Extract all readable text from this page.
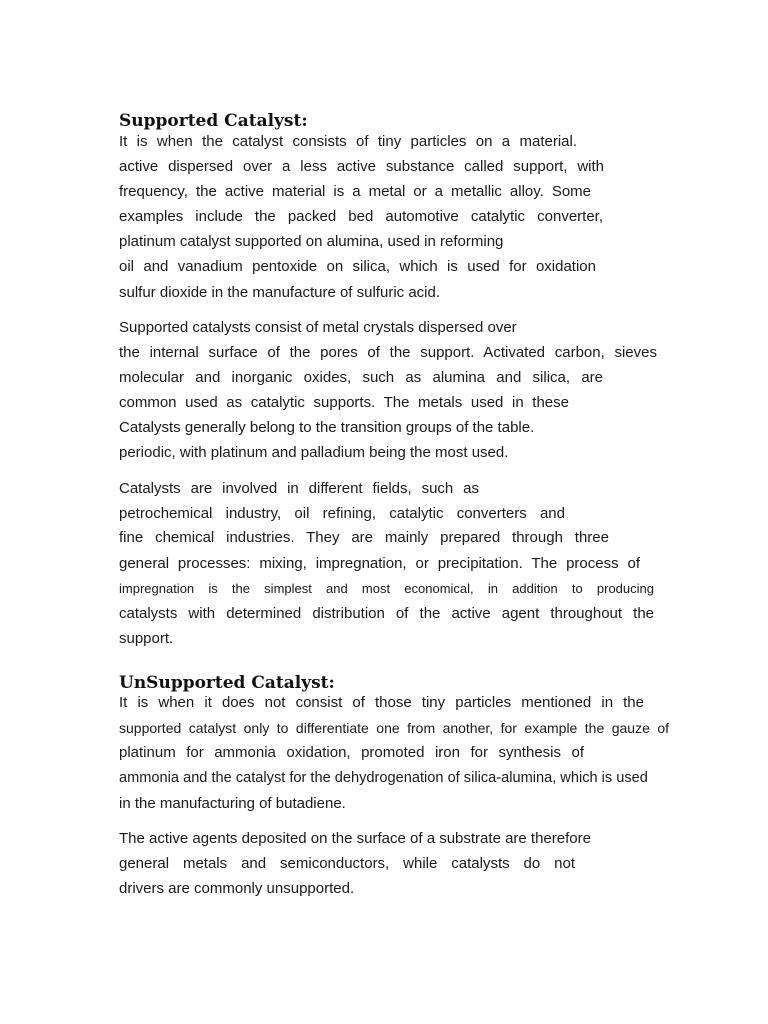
Supported Catalyst:

It is when the catalyst consists of tiny particles on a material.

active dispersed over a less active substance called support, with

frequency, the active material is a metal or a metallic alloy. Some

examples include the packed bed automotive catalytic converter,

platinum catalyst supported on alumina, used in reforming

oil and vanadium pentoxide on silica, which is used for oxidation

sulfur dioxide in the manufacture of sulfuric acid.

Supported catalysts consist of metal crystals dispersed over

the internal surface of the pores of the support. Activated carbon, sieves

molecular and inorganic oxides, such as alumina and silica, are

common used as catalytic supports. The metals used in these

Catalysts generally belong to the transition groups of the table.

periodic, with platinum and palladium being the most used.

Catalysts are involved in different fields, such as

petrochemical industry, oil refining, catalytic converters and

fine chemical industries. They are mainly prepared through three

general processes: mixing, impregnation, or precipitation. The process of

impregnation is the simplest and most economical, in addition to producing

catalysts with determined distribution of the active agent throughout the

support.

UnSupported Catalyst:

It is when it does not consist of those tiny particles mentioned in the

supported catalyst only to differentiate one from another, for example the gauze of

platinum for ammonia oxidation, promoted iron for synthesis of

ammonia and the catalyst for the dehydrogenation of silica-alumina, which is used

in the manufacturing of butadiene.

The active agents deposited on the surface of a substrate are therefore

general metals and semiconductors, while catalysts do not

drivers are commonly unsupported.
